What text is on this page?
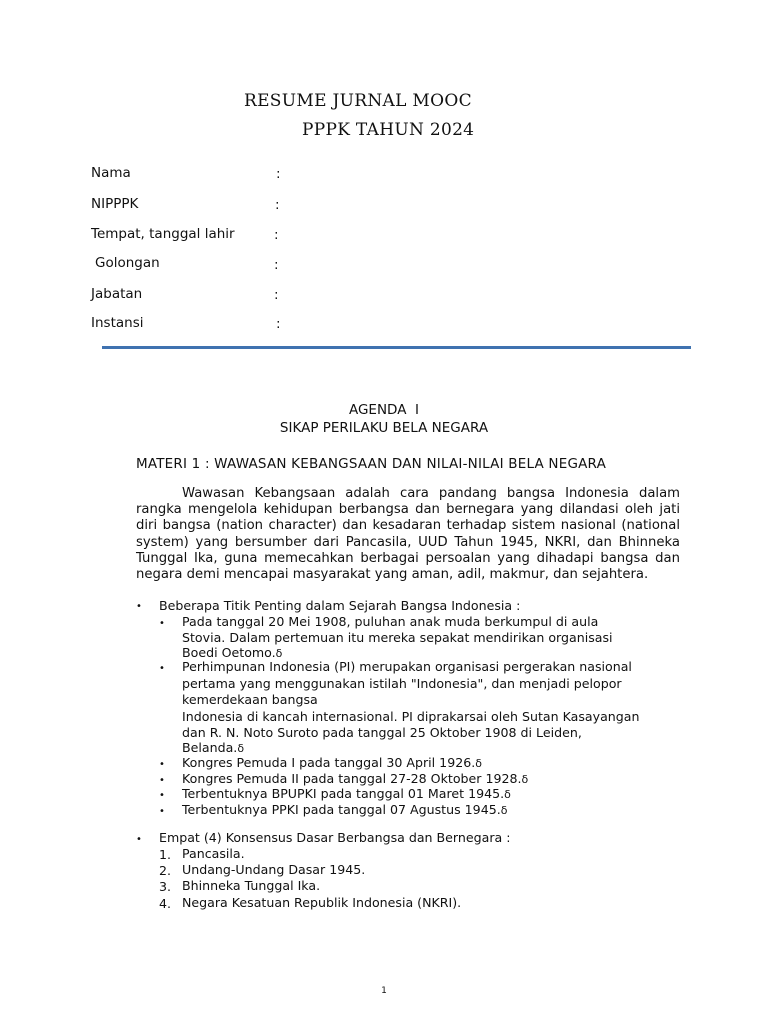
RESUME JURNAL MOOC
PPPK TAHUN 2024
Nama	:
NIPPPK	:
Tempat, tanggal lahir	:
Golongan	:
Jabatan	:
Instansi	:
AGENDA  I
SIKAP PERILAKU BELA NEGARA
MATERI 1 : WAWASAN KEBANGSAAN DAN NILAI-NILAI BELA NEGARA

Wawasan Kebangsaan adalah cara pandang bangsa Indonesia dalam rangka mengelola kehidupan berbangsa dan bernegara yang dilandasi oleh jati diri bangsa (nation character) dan kesadaran terhadap sistem nasional (national system) yang bersumber dari Pancasila, UUD Tahun 1945, NKRI, dan Bhinneka Tunggal Ika, guna memecahkan berbagai persoalan yang dihadapi bangsa dan negara demi mencapai masyarakat yang aman, adil, makmur, dan sejahtera.

• Beberapa Titik Penting dalam Sejarah Bangsa Indonesia :
• Pada tanggal 20 Mei 1908, puluhan anak muda berkumpul di aula
Stovia. Dalam pertemuan itu mereka sepakat mendirikan organisasi
Boedi Oetomo.δ
• Perhimpunan Indonesia (PI) merupakan organisasi pergerakan nasional
pertama yang menggunakan istilah "Indonesia", dan menjadi pelopor
kemerdekaan bangsa
Indonesia di kancah internasional. PI diprakarsai oleh Sutan Kasayangan
dan R. N. Noto Suroto pada tanggal 25 Oktober 1908 di Leiden,
Belanda.δ
• Kongres Pemuda I pada tanggal 30 April 1926.δ
• Kongres Pemuda II pada tanggal 27-28 Oktober 1928.δ
• Terbentuknya BPUPKI pada tanggal 01 Maret 1945.δ
• Terbentuknya PPKI pada tanggal 07 Agustus 1945.δ
• Empat (4) Konsensus Dasar Berbangsa dan Bernegara :
1. Pancasila.
2. Undang-Undang Dasar 1945.
3. Bhinneka Tunggal Ika.
4. Negara Kesatuan Republik Indonesia (NKRI).
1
